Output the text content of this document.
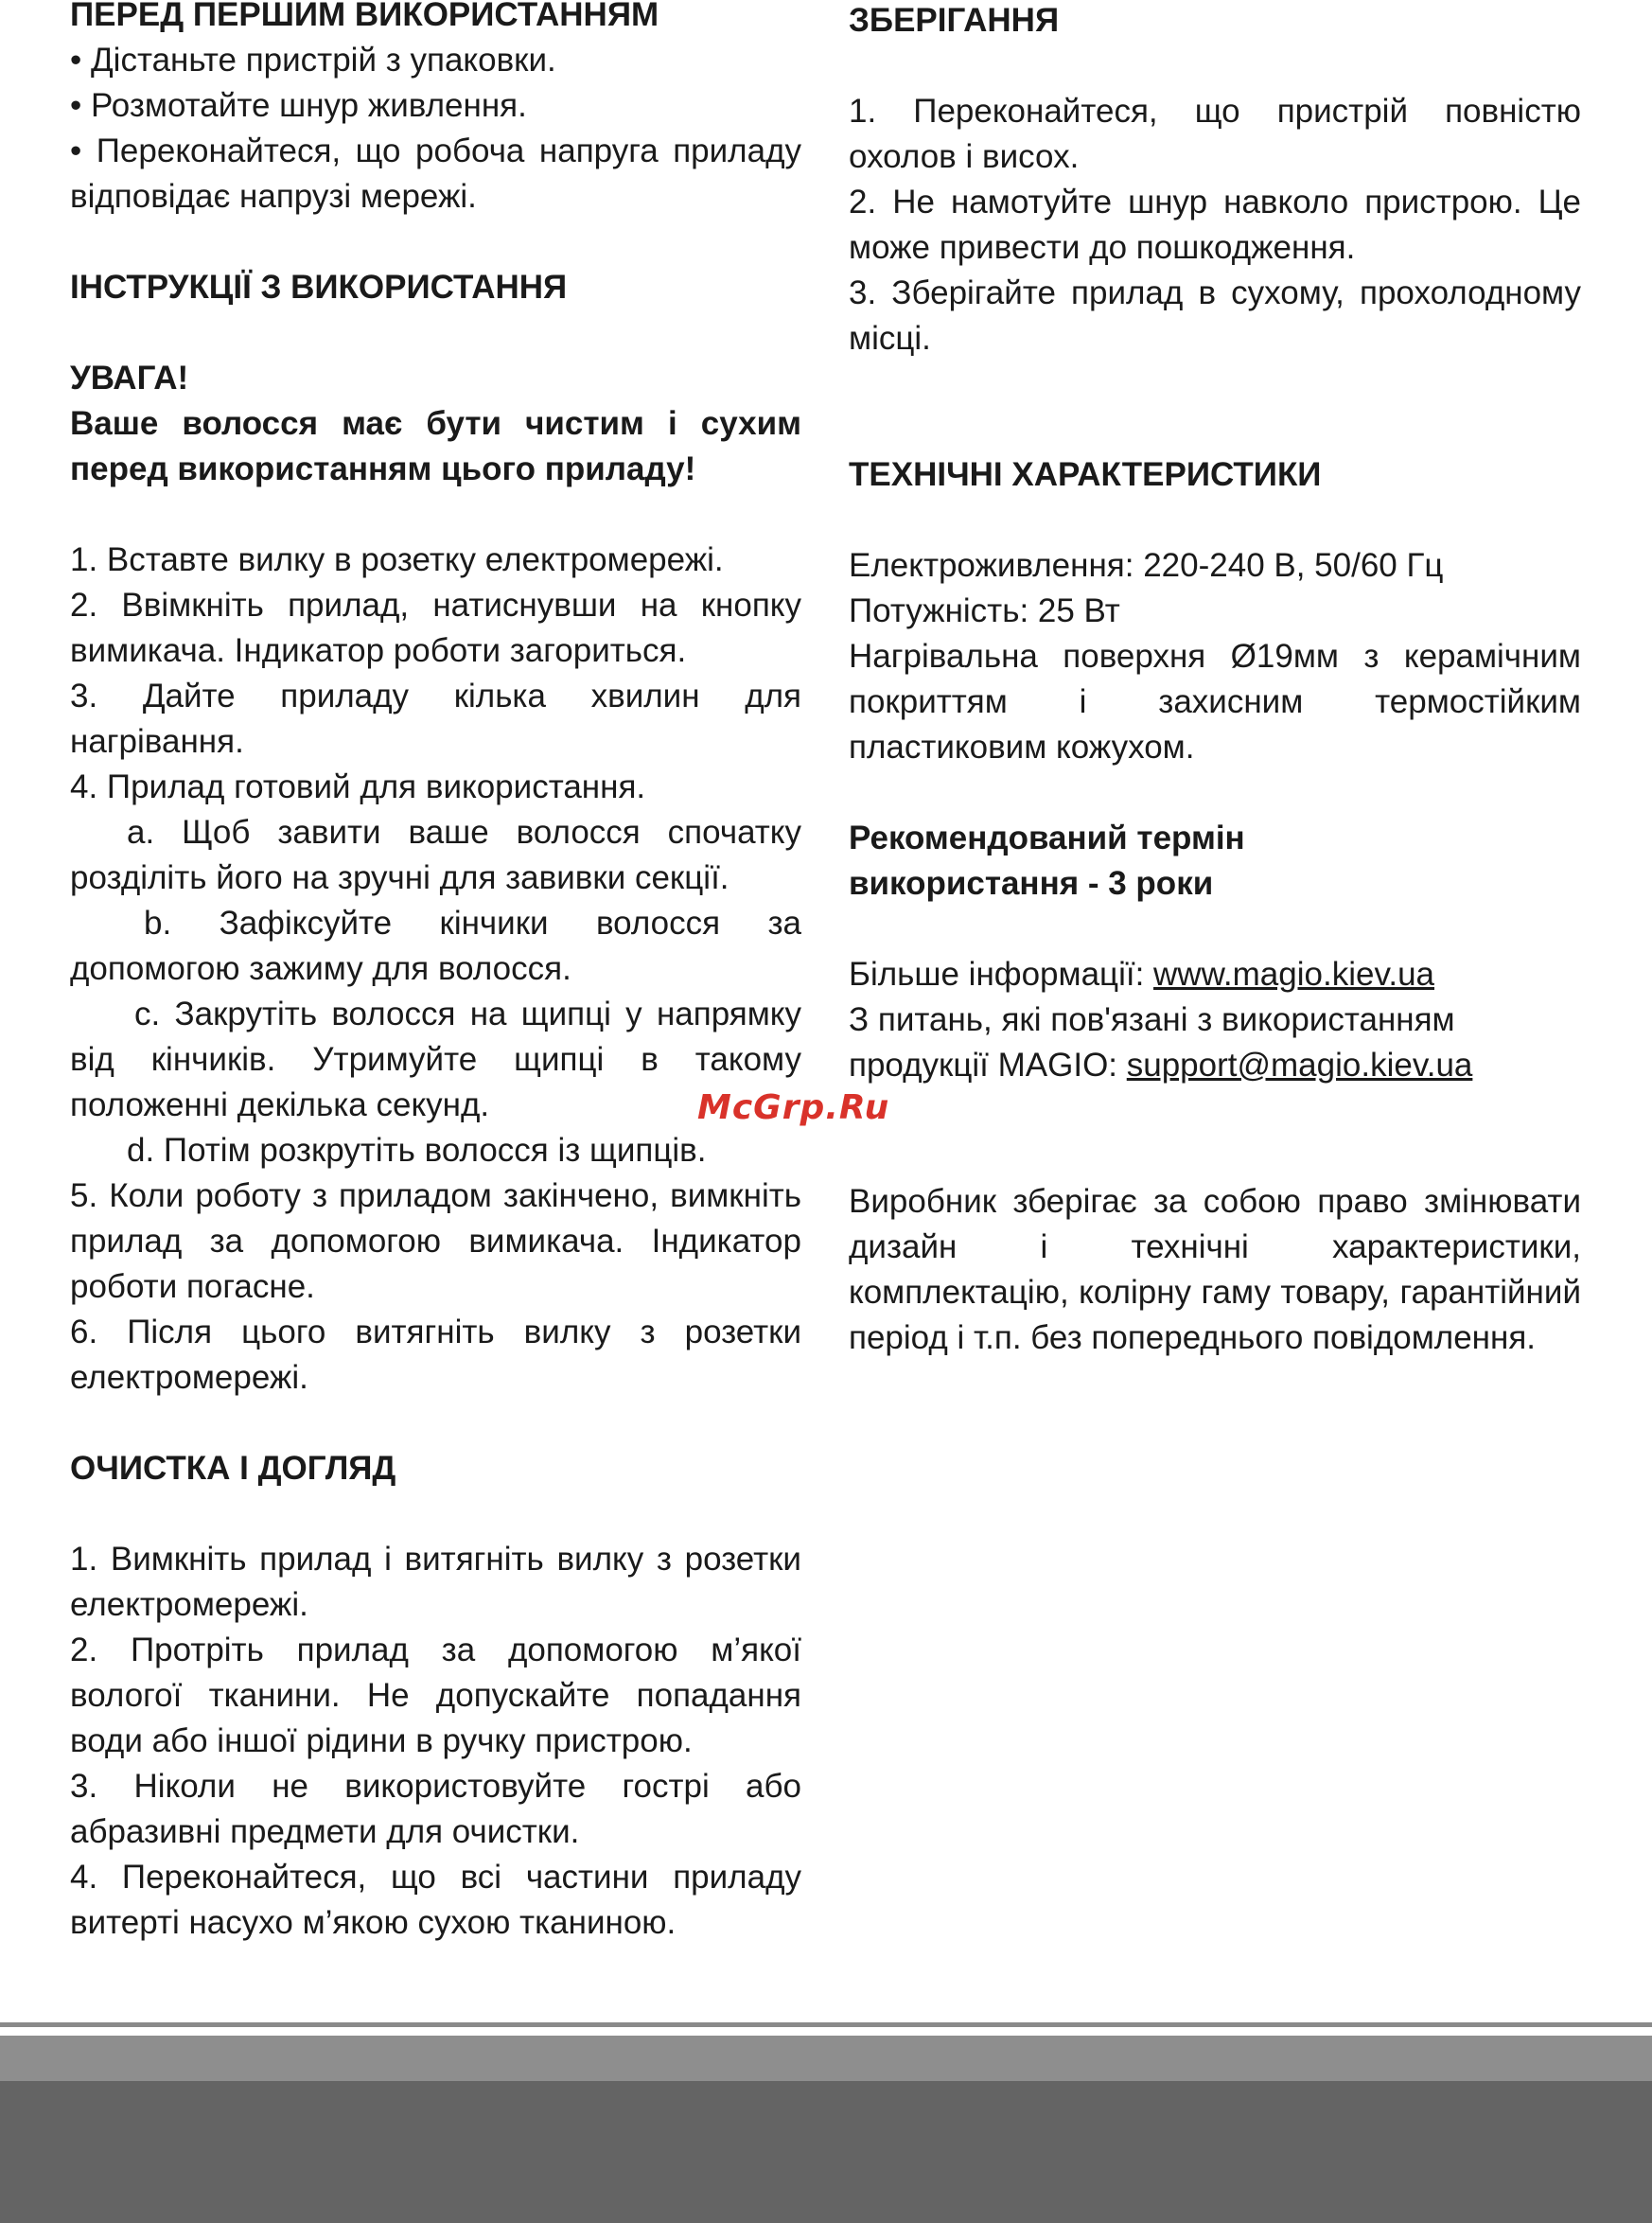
ПЕРЕД ПЕРШИМ ВИКОРИСТАННЯМ

• Дістаньте пристрій з упаковки.

• Розмотайте шнур живлення.

• Переконайтеся, що робоча напруга приладу відповідає напрузі мережі.

ІНСТРУКЦІЇ З ВИКОРИСТАННЯ

УВАГА!

Ваше волосся має бути чистим і сухим перед використанням цього приладу!

1. Вставте вилку в розетку електромережі.

2. Ввімкніть прилад, натиснувши на кнопку вимикача. Індикатор роботи загориться.

3. Дайте приладу кілька хвилин для нагрівання.

4. Прилад готовий для використання.

a. Щоб завити ваше волосся спочатку розділіть його на зручні для завивки секції.

b. Зафіксуйте кінчики волосся за допомогою зажиму для волосся.

c. Закрутіть волосся на щипці у напрямку від кінчиків. Утримуйте щипці в такому положенні декілька секунд.

d. Потім розкрутіть волосся із щипців.

5. Коли роботу з приладом закінчено, вимкніть прилад за допомогою вимикача. Індикатор роботи погасне.

6. Після цього витягніть вилку з розетки електромережі.

ОЧИСТКА І ДОГЛЯД

1. Вимкніть прилад і витягніть вилку з розетки електромережі.

2. Протріть прилад за допомогою м’якої вологої тканини. Не допускайте попадання води або іншої рідини в ручку пристрою.

3. Ніколи не використовуйте гострі або абразивні предмети для очистки.

4. Переконайтеся, що всі частини приладу витерті насухо м’якою сухою тканиною.

ЗБЕРІГАННЯ

1. Переконайтеся, що пристрій повністю охолов і висох.

2. Не намотуйте шнур навколо пристрою. Це може привести до пошкодження.

3. Зберігайте прилад в сухому, прохолодному місці.

ТЕХНІЧНІ ХАРАКТЕРИСТИКИ

Електроживлення: 220-240 В, 50/60 Гц

Потужність: 25 Вт

Нагрівальна поверхня Ø19мм з керамічним покриттям і захисним термостійким пластиковим кожухом.

Рекомендований термін

використання - 3 роки

Більше інформації: www.magio.kiev.ua

З питань, які пов'язані з використанням

продукції MAGIO: support@magio.kiev.ua

Виробник зберігає за собою право змінювати дизайн і технічні характеристики, комплектацію, колірну гаму товару, гарантійний період і т.п. без попереднього повідомлення.

McGrp.Ru
